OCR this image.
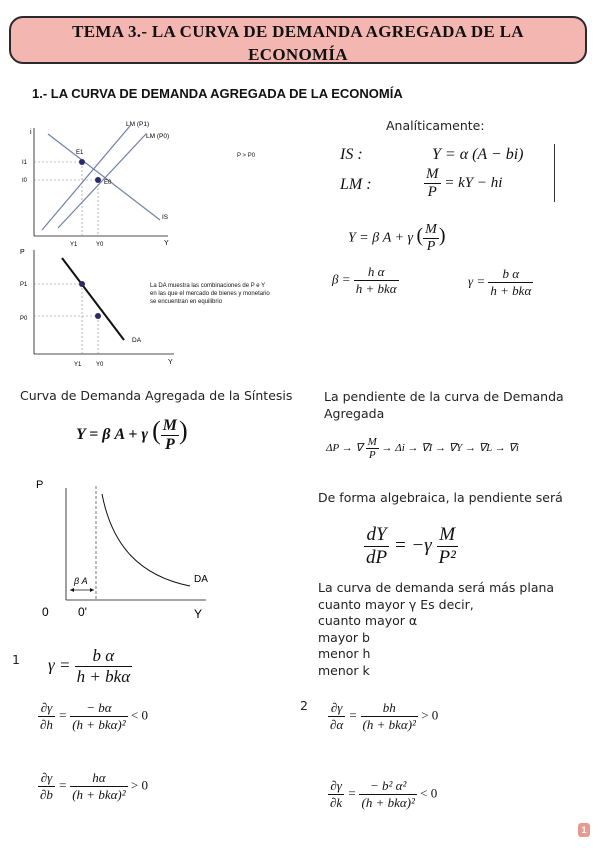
TEMA 3.- LA CURVA DE DEMANDA AGREGADA DE LA
ECONOMÍA
1.- LA CURVA DE DEMANDA AGREGADA DE LA ECONOMÍA
i
Y
LM (P1)
LM (P0)
IS
E1
E0
I1
I0
Y1	Y0
P
Y
DA
P1
P0
Y1 Y0
P > P0
La DA muestra las combinaciones de P e Y
en las que el mercado de bienes y monetario
se encuentran en equilibrio
Analíticamente:
IS :	Y = α (A − bi)
LM :	$\frac{M}{P}$ = kY − hi
Y = β A + γ ( $\frac{M}{P}$ )
$\beta = \frac{\text{h α}}{\text{h + bkα}}$	$\gamma = \frac{\text{b α}}{\text{h + bkα}}$
Curva de Demanda Agregada de la Síntesis
Y = β A + γ ( $\frac{M}{P}$ )
La pendiente de la curva de Demanda
Agregada
ΔP → ∇ $\frac{M}{P} \to \Delta i \to \nabla I \to \nabla Y \to \nabla L \to \nabla i$
P
DA
β A
0 0'	Y
De forma algebraica, la pendiente será
$\frac{dY}{dP} = -\gamma \frac{M}{\text{P²}}$
La curva de demanda será más plana
cuanto mayor γ Es decir,
cuanto mayor α
mayor b
menor h
menor k
1 $\gamma = \frac{\text{b α}}{\text{h + bkα}}$
$\frac{\partial\gamma}{\partial h} = \frac{- b\alpha}{\text{(h + bkα)²}} < 0$
$\frac{\partial\gamma}{\partial b} = \frac{h\alpha}{\text{(h + bkα)²}} > 0$
$2 \frac{\partial\gamma}{\partial\alpha} = \frac{bh}{\text{(h + bkα)²}} > 0$
$\frac{\partial\gamma}{\partial k} = \frac{\text{− b² α²}}{\text{(h + bkα)²}} < 0$
1
